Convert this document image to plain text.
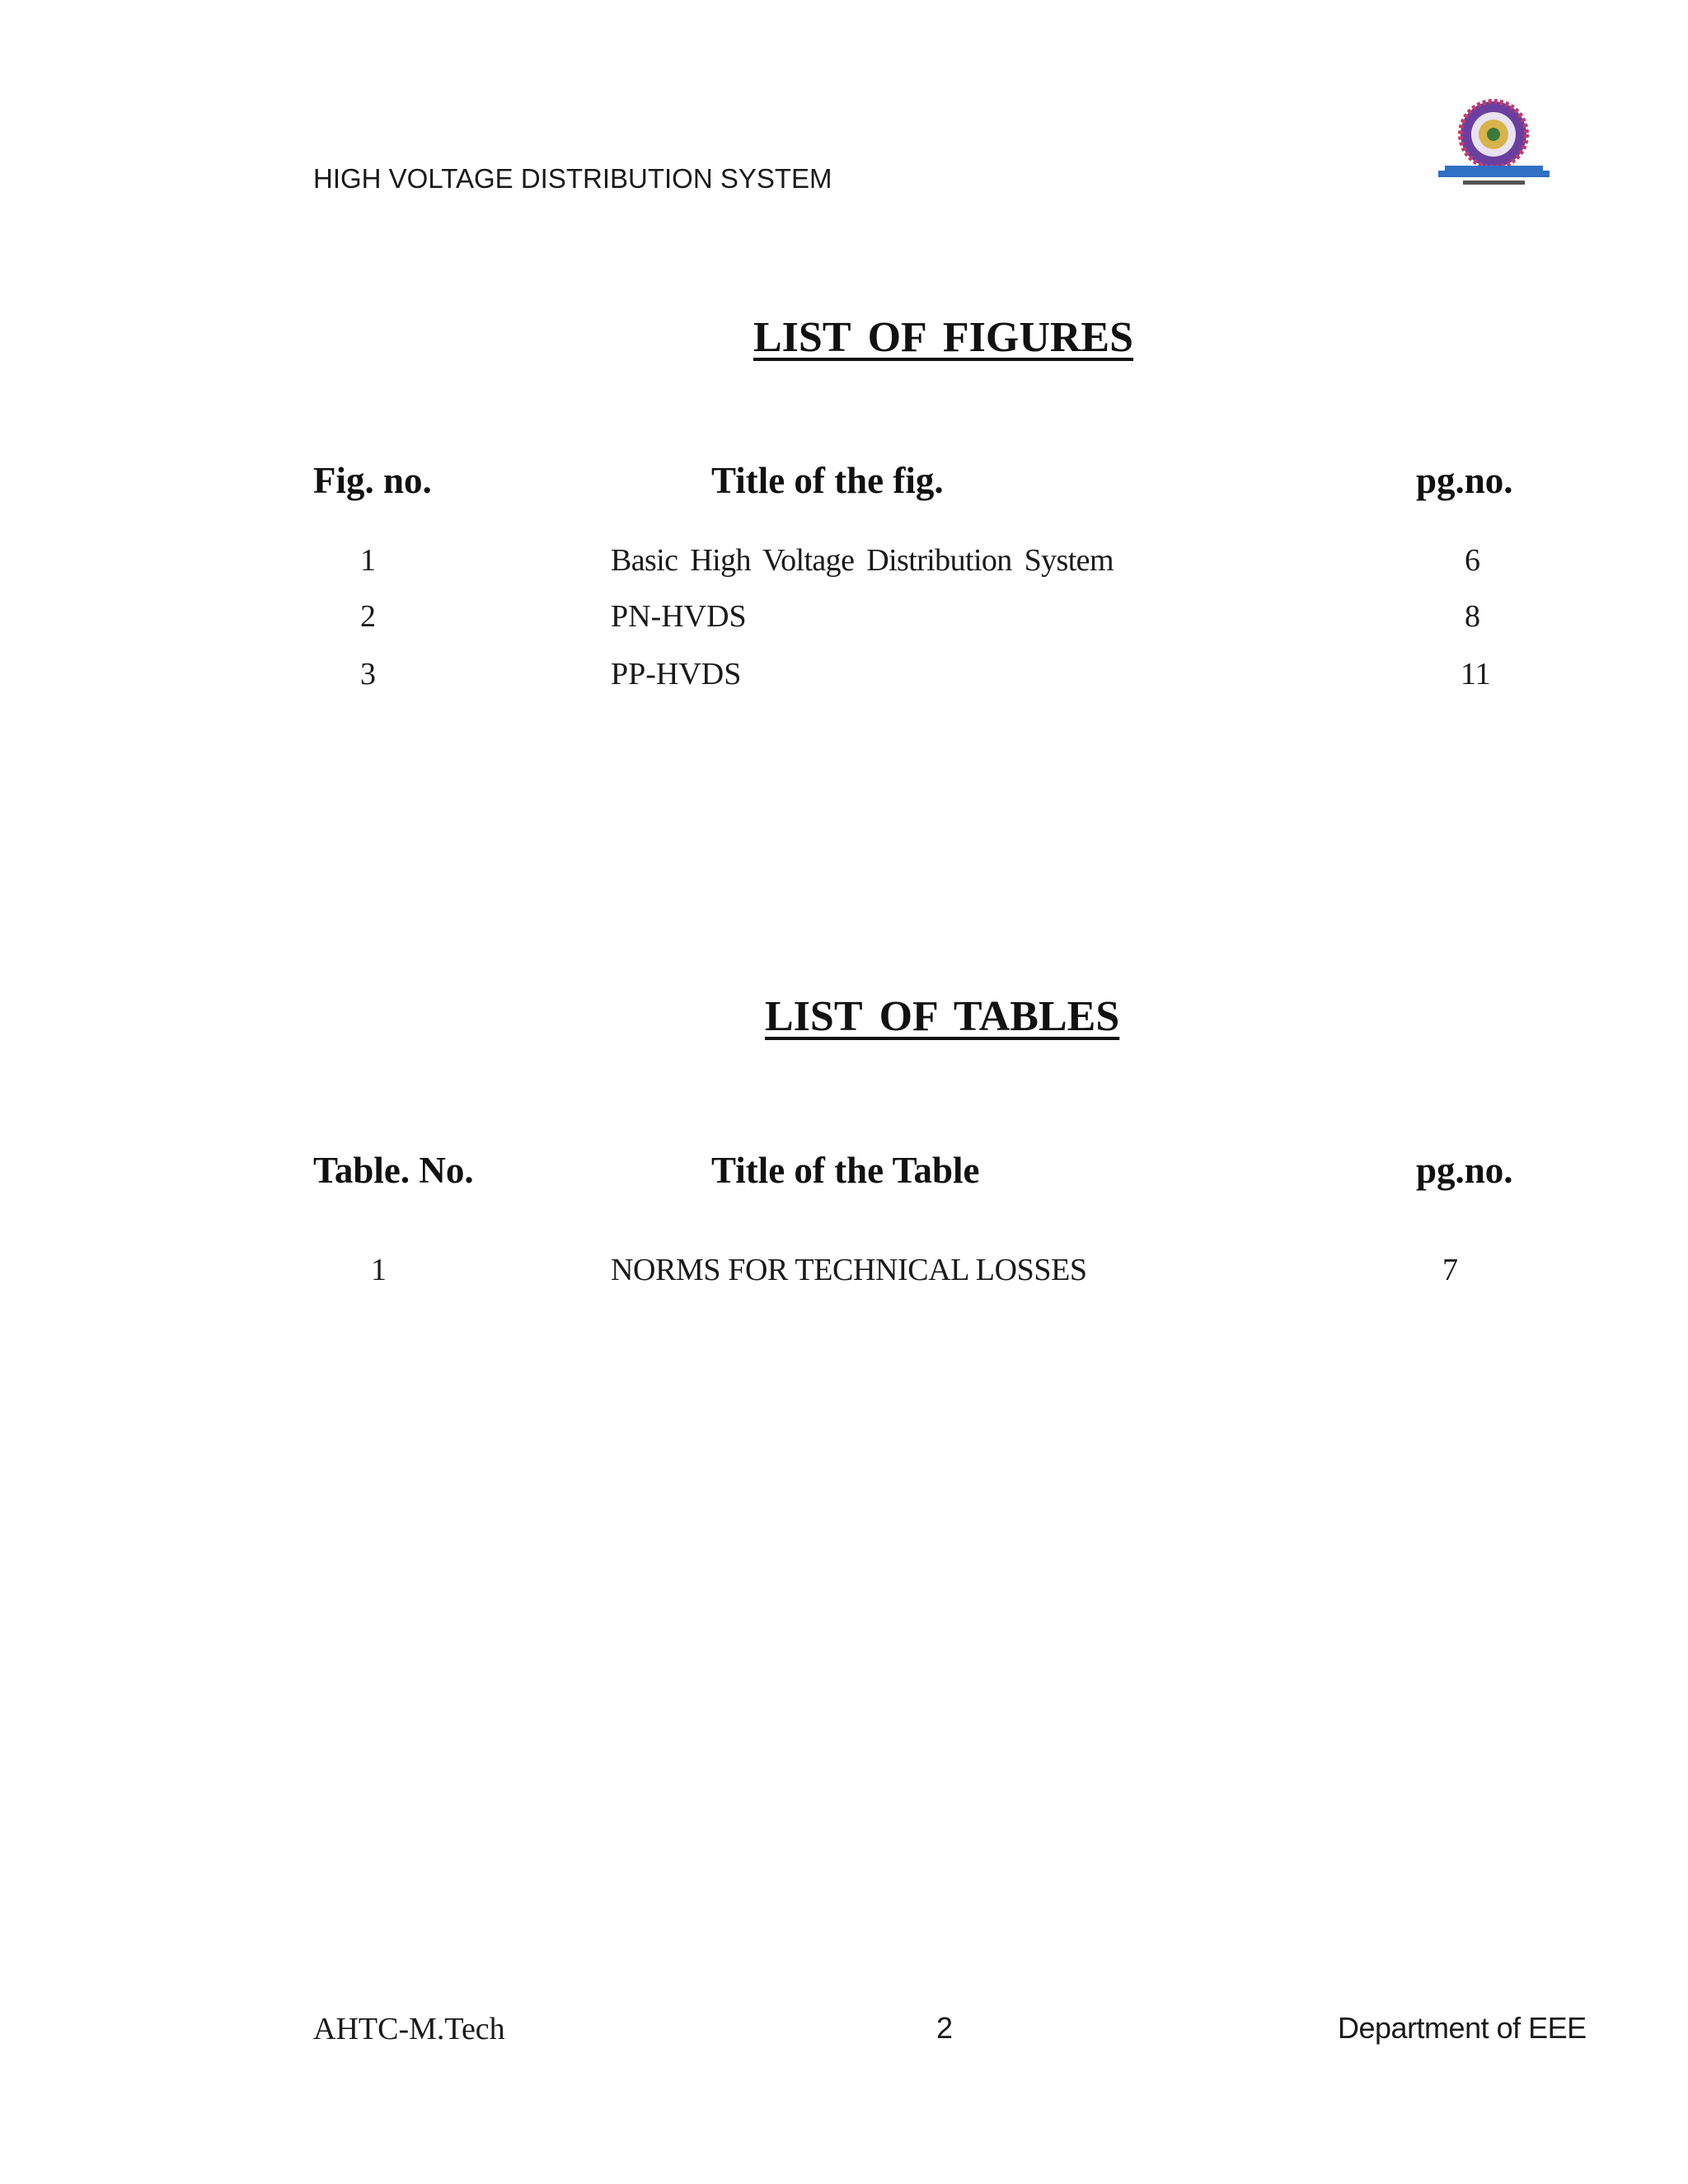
HIGH VOLTAGE DISTRIBUTION SYSTEM
LIST OF FIGURES
Fig. no.	Title of the fig.	pg.no.
1	Basic High Voltage Distribution System	6
2	PN-HVDS	8
3	PP-HVDS	11
LIST OF TABLES
Table. No.	Title of the Table	pg.no.
1	NORMS FOR TECHNICAL LOSSES	7
AHTC-M.Tech	2	Department of EEE
